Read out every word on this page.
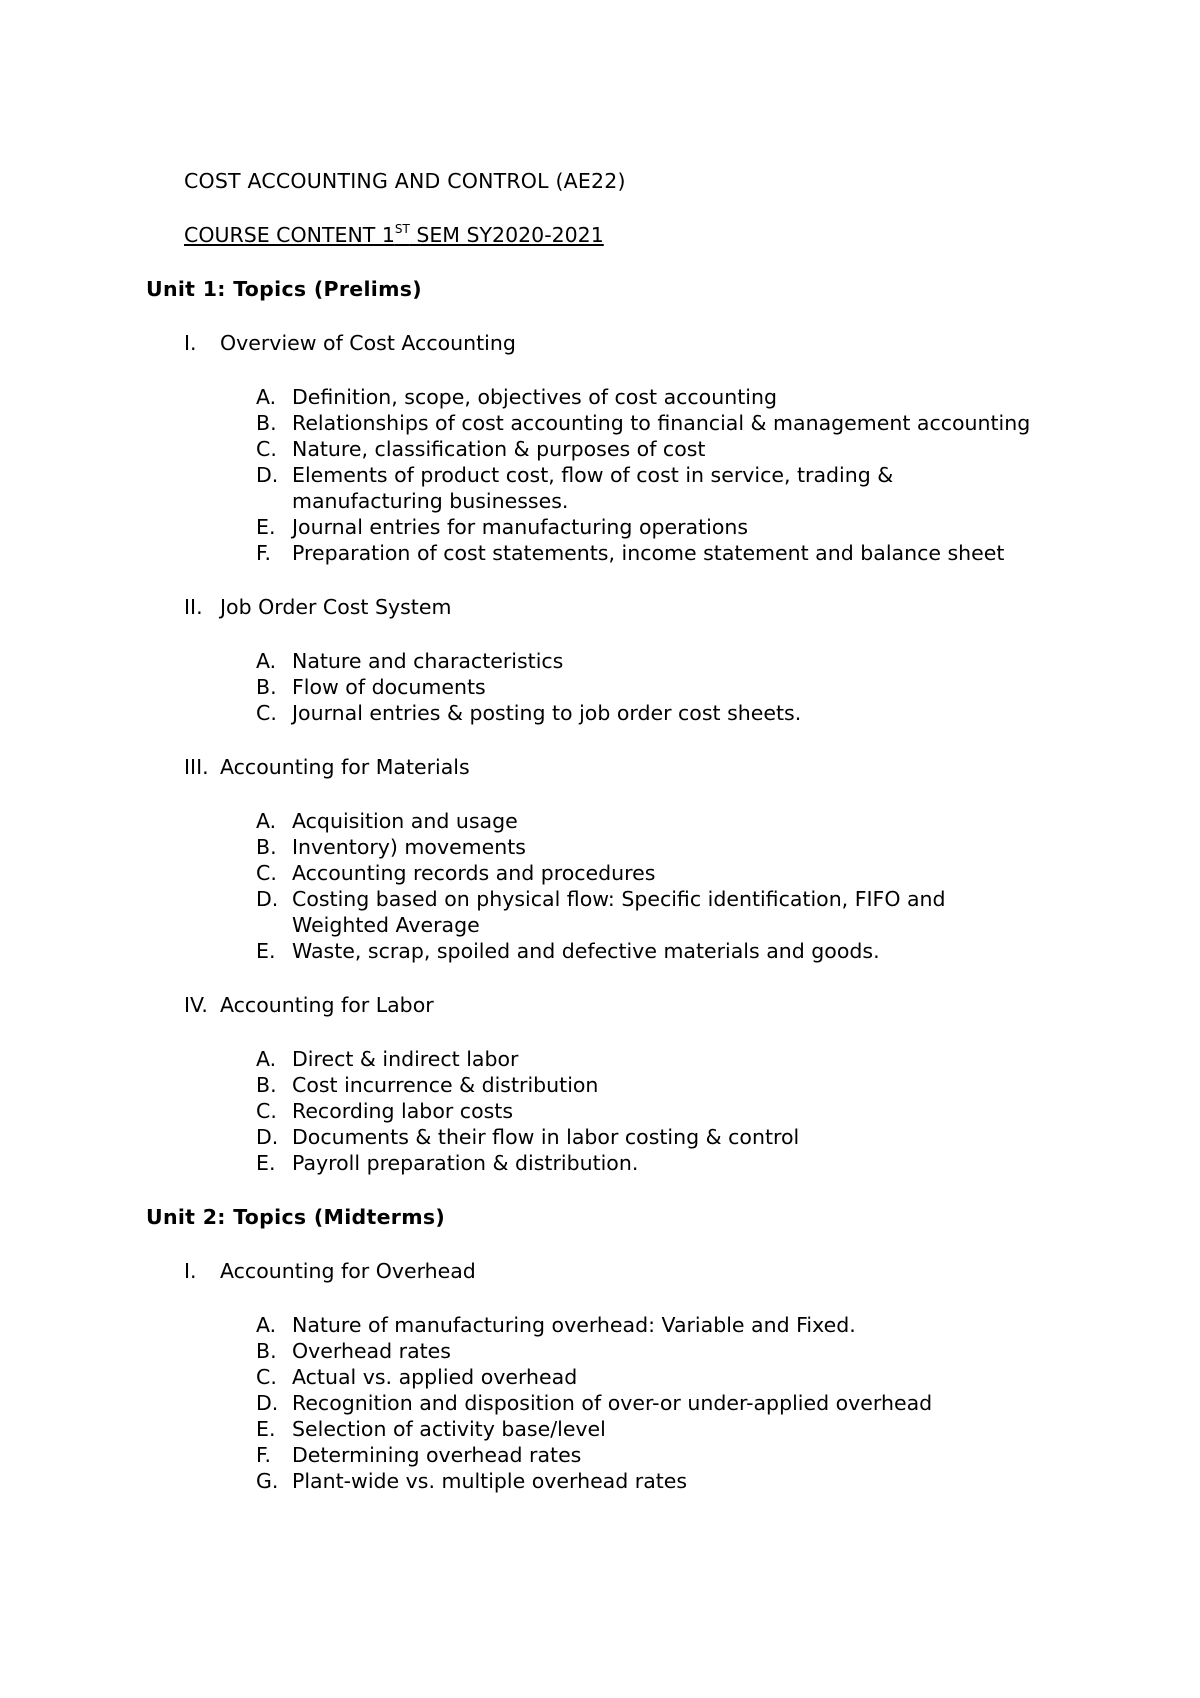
COST ACCOUNTING AND CONTROL (AE22)
COURSE CONTENT 1ST SEM SY2020-2021
Unit 1: Topics (Prelims)
I. Overview of Cost Accounting
A. Definition, scope, objectives of cost accounting
B. Relationships of cost accounting to financial & management accounting
C. Nature, classification & purposes of cost
D. Elements of product cost, flow of cost in service, trading & manufacturing businesses.
E. Journal entries for manufacturing operations
F. Preparation of cost statements, income statement and balance sheet
II. Job Order Cost System
A. Nature and characteristics
B. Flow of documents
C. Journal entries & posting to job order cost sheets.
III. Accounting for Materials
A. Acquisition and usage
B. Inventory) movements
C. Accounting records and procedures
D. Costing based on physical flow: Specific identification, FIFO and Weighted Average
E. Waste, scrap, spoiled and defective materials and goods.
IV. Accounting for Labor
A. Direct & indirect labor
B. Cost incurrence & distribution
C. Recording labor costs
D. Documents & their flow in labor costing & control
E. Payroll preparation & distribution.
Unit 2: Topics (Midterms)
I. Accounting for Overhead
A. Nature of manufacturing overhead: Variable and Fixed.
B. Overhead rates
C. Actual vs. applied overhead
D. Recognition and disposition of over-or under-applied overhead
E. Selection of activity base/level
F. Determining overhead rates
G. Plant-wide vs. multiple overhead rates
